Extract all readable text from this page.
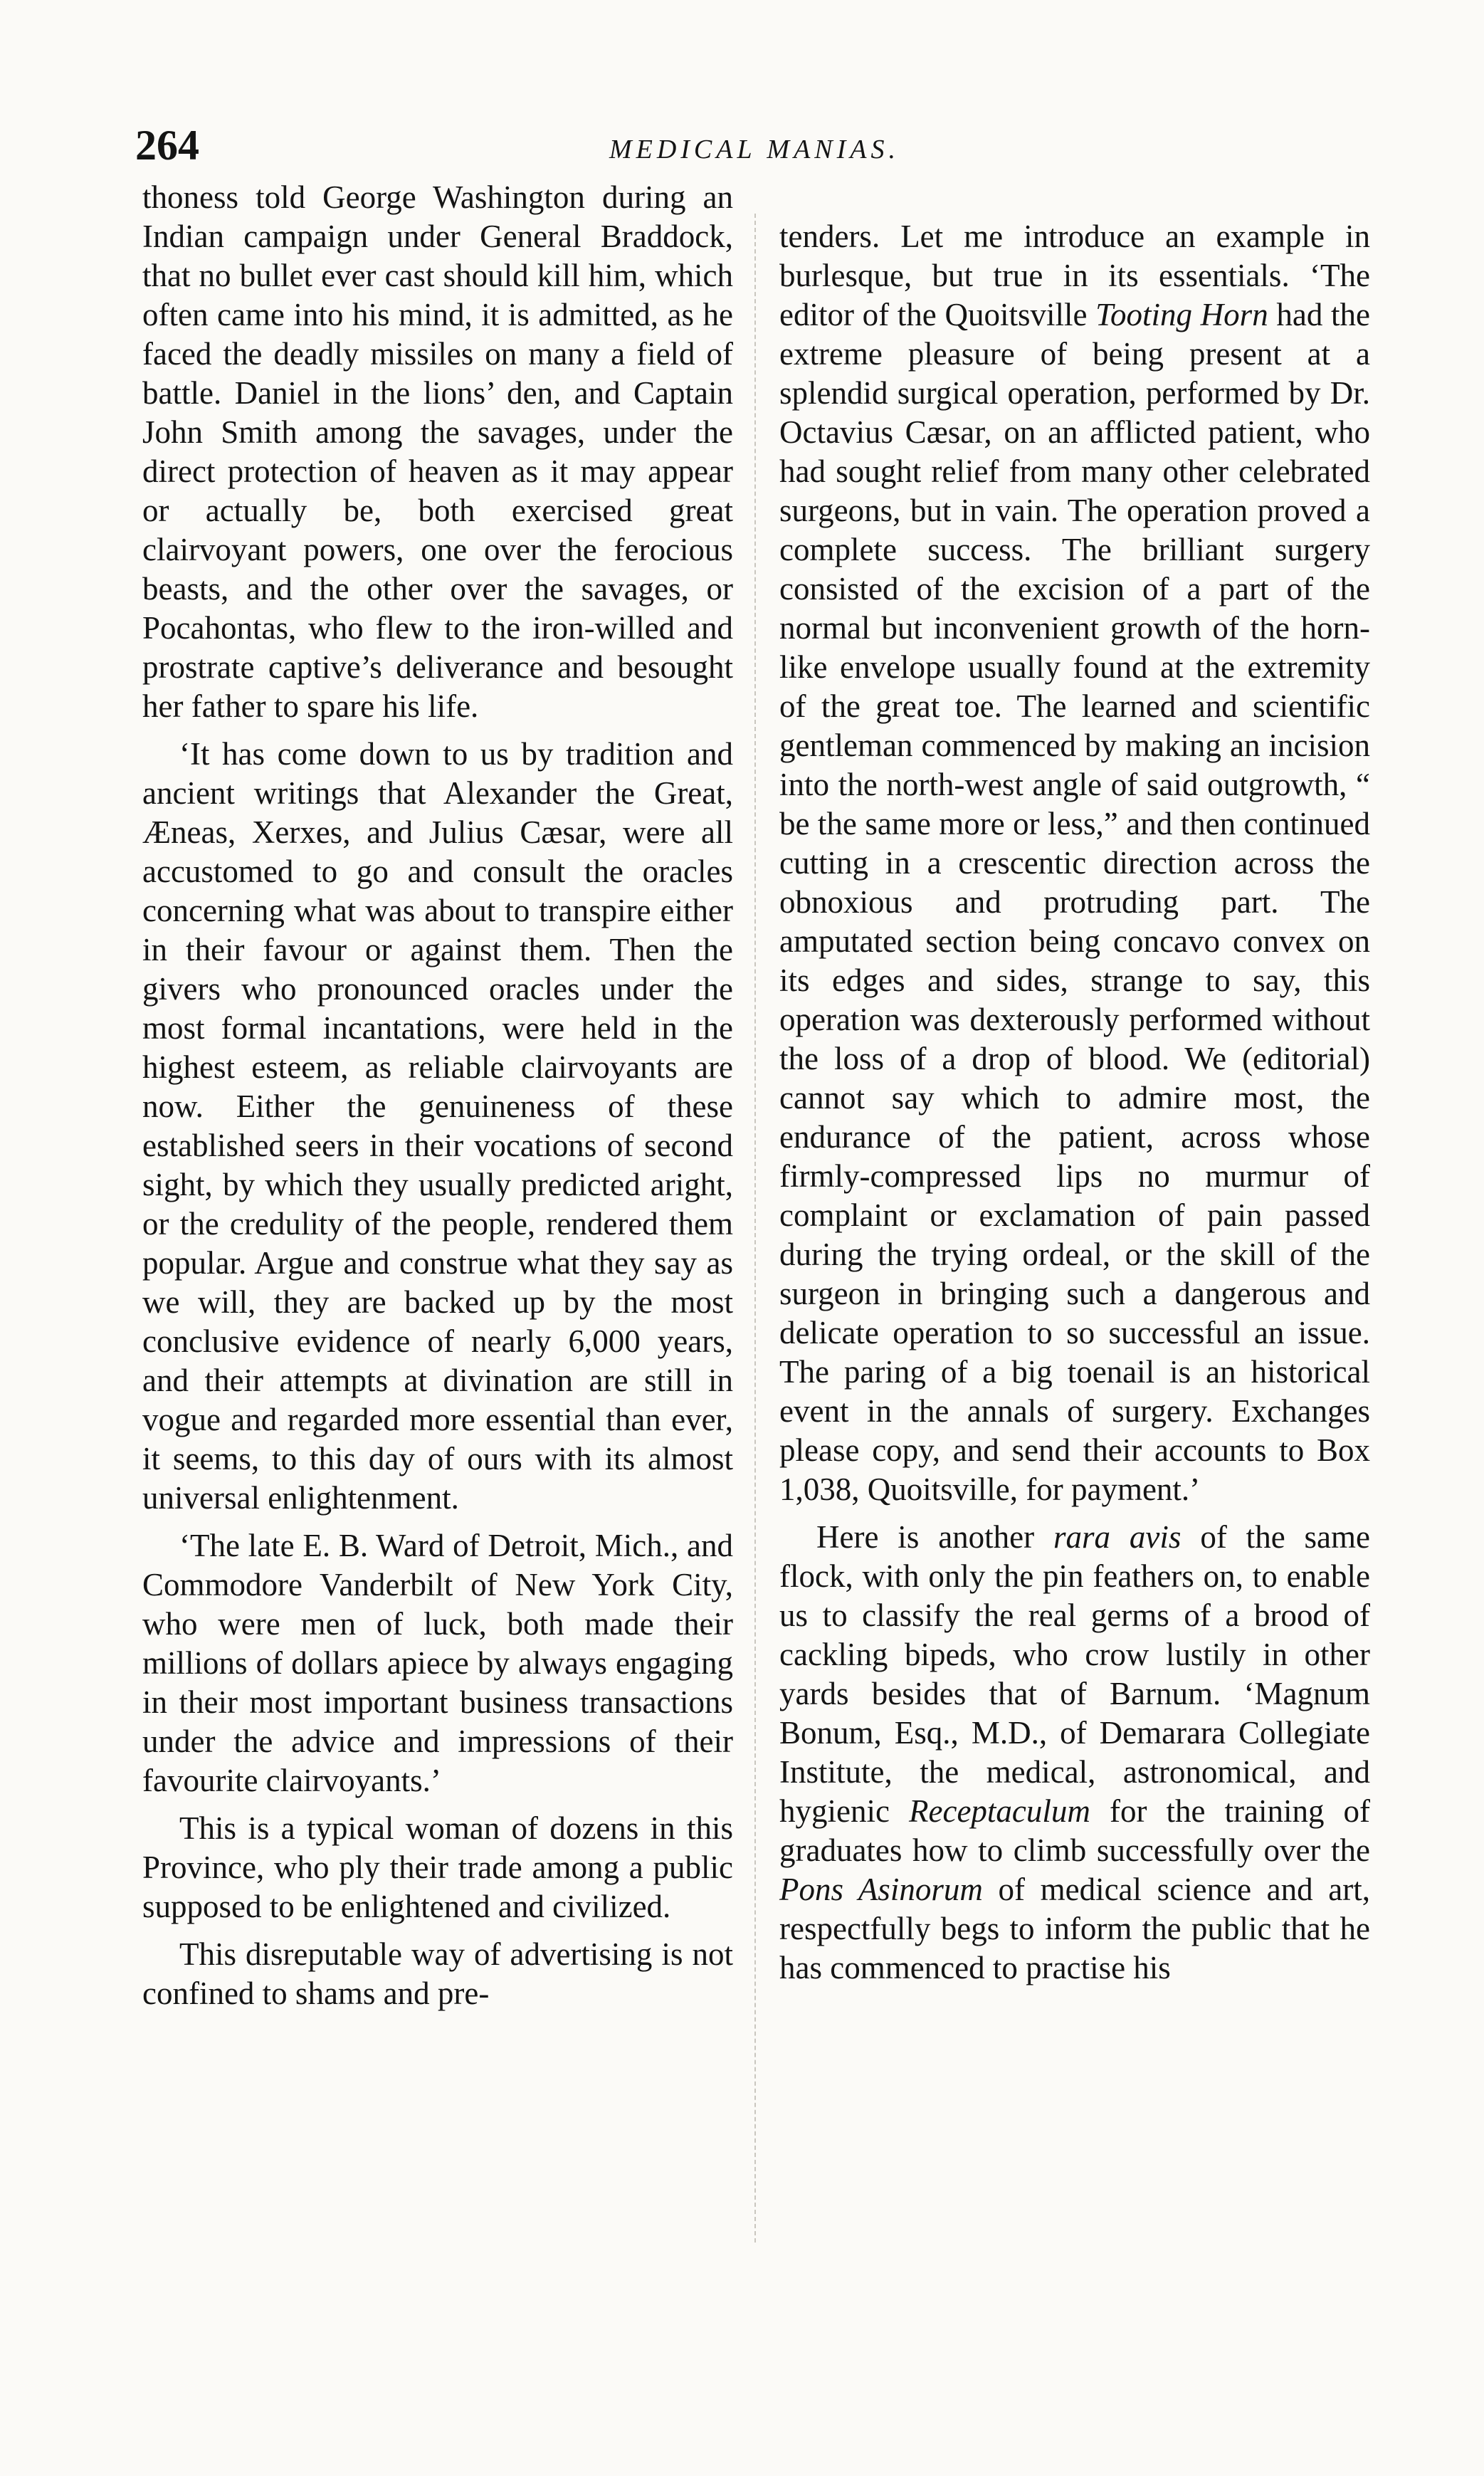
264	MEDICAL MANIAS.

thoness told George Washington during an Indian campaign under General Braddock, that no bullet ever cast should kill him, which often came into his mind, it is admitted, as he faced the deadly missiles on many a field of battle. Daniel in the lions’ den, and Captain John Smith among the savages, under the direct protection of heaven as it may appear or actually be, both exercised great clairvoyant powers, one over the ferocious beasts, and the other over the savages, or Pocahontas, who flew to the iron-willed and prostrate captive’s deliverance and besought her father to spare his life.

‘It has come down to us by tradition and ancient writings that Alexander the Great, Æneas, Xerxes, and Julius Cæsar, were all accustomed to go and consult the oracles concerning what was about to transpire either in their favour or against them. Then the givers who pronounced oracles under the most formal incantations, were held in the highest esteem, as reliable clairvoyants are now. Either the genuineness of these established seers in their vocations of second sight, by which they usually predicted aright, or the credulity of the people, rendered them popular. Argue and construe what they say as we will, they are backed up by the most conclusive evidence of nearly 6,000 years, and their attempts at divination are still in vogue and regarded more essential than ever, it seems, to this day of ours with its almost universal enlightenment.

‘The late E. B. Ward of Detroit, Mich., and Commodore Vanderbilt of New York City, who were men of luck, both made their millions of dollars apiece by always engaging in their most important business transactions under the advice and impressions of their favourite clairvoyants.’

This is a typical woman of dozens in this Province, who ply their trade among a public supposed to be enlightened and civilized.

This disreputable way of advertising is not confined to shams and pre-

tenders. Let me introduce an example in burlesque, but true in its essentials. ‘The editor of the Quoitsville Tooting Horn had the extreme pleasure of being present at a splendid surgical operation, performed by Dr. Octavius Cæsar, on an afflicted patient, who had sought relief from many other celebrated surgeons, but in vain. The operation proved a complete success. The brilliant surgery consisted of the excision of a part of the normal but inconvenient growth of the horn-like envelope usually found at the extremity of the great toe. The learned and scientific gentleman commenced by making an incision into the north-west angle of said outgrowth, “ be the same more or less,” and then continued cutting in a crescentic direction across the obnoxious and protruding part. The amputated section being concavo convex on its edges and sides, strange to say, this operation was dexterously performed without the loss of a drop of blood. We (editorial) cannot say which to admire most, the endurance of the patient, across whose firmly-compressed lips no murmur of complaint or exclamation of pain passed during the trying ordeal, or the skill of the surgeon in bringing such a dangerous and delicate operation to so successful an issue. The paring of a big toenail is an historical event in the annals of surgery. Exchanges please copy, and send their accounts to Box 1,038, Quoitsville, for payment.’

Here is another rara avis of the same flock, with only the pin feathers on, to enable us to classify the real germs of a brood of cackling bipeds, who crow lustily in other yards besides that of Barnum. ‘Magnum Bonum, Esq., M.D., of Demarara Collegiate Institute, the medical, astronomical, and hygienic Receptaculum for the training of graduates how to climb successfully over the Pons Asinorum of medical science and art, respectfully begs to inform the public that he has commenced to practise his
